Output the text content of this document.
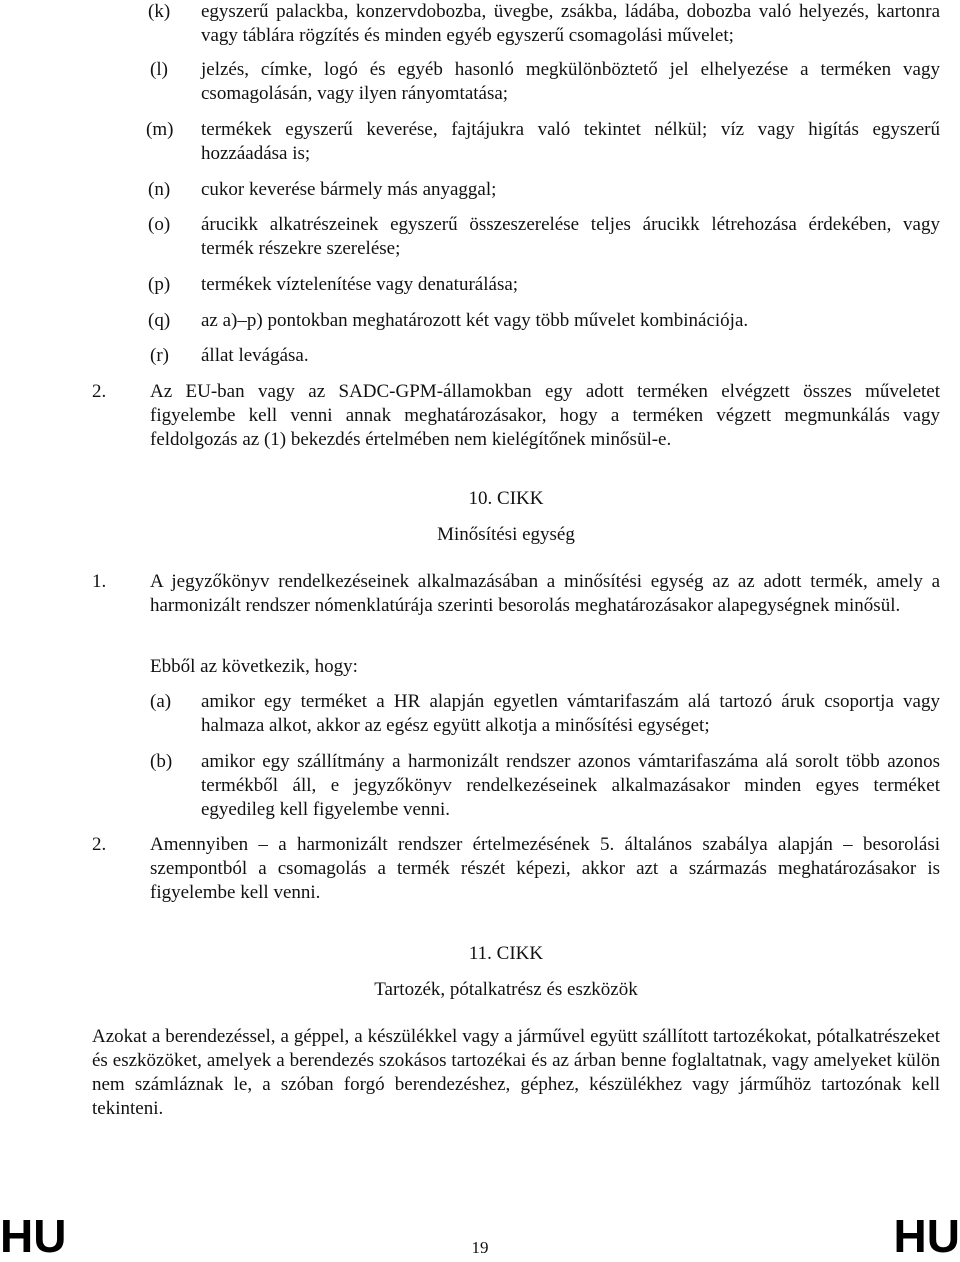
(k) egyszerű palackba, konzervdobozba, üvegbe, zsákba, ládába, dobozba való helyezés, kartonra vagy táblára rögzítés és minden egyéb egyszerű csomagolási művelet;
(l) jelzés, címke, logó és egyéb hasonló megkülönböztető jel elhelyezése a terméken vagy csomagolásán, vagy ilyen rányomtatása;
(m) termékek egyszerű keverése, fajtájukra való tekintet nélkül; víz vagy higítás egyszerű hozzáadása is;
(n) cukor keverése bármely más anyaggal;
(o) árucikk alkatrészeinek egyszerű összeszerelése teljes árucikk létrehozása érdekében, vagy termék részekre szerelése;
(p) termékek víztelenítése vagy denaturálása;
(q) az a)–p) pontokban meghatározott két vagy több művelet kombinációja.
(r) állat levágása.
2. Az EU-ban vagy az SADC-GPM-államokban egy adott terméken elvégzett összes műveletet figyelembe kell venni annak meghatározásakor, hogy a terméken végzett megmunkálás vagy feldolgozás az (1) bekezdés értelmében nem kielégítőnek minősül-e.
10. CIKK
Minősítési egység
1. A jegyzőkönyv rendelkezéseinek alkalmazásában a minősítési egység az az adott termék, amely a harmonizált rendszer nómenklatúrája szerinti besorolás meghatározásakor alapegységnek minősül.
Ebből az következik, hogy:
(a) amikor egy terméket a HR alapján egyetlen vámtarifaszám alá tartozó áruk csoportja vagy halmaza alkot, akkor az egész együtt alkotja a minősítési egységet;
(b) amikor egy szállítmány a harmonizált rendszer azonos vámtarifaszáma alá sorolt több azonos termékből áll, e jegyzőkönyv rendelkezéseinek alkalmazásakor minden egyes terméket egyedileg kell figyelembe venni.
2. Amennyiben – a harmonizált rendszer értelmezésének 5. általános szabálya alapján – besorolási szempontból a csomagolás a termék részét képezi, akkor azt a származás meghatározásakor is figyelembe kell venni.
11. CIKK
Tartozék, pótalkatrész és eszközök
Azokat a berendezéssel, a géppel, a készülékkel vagy a járművel együtt szállított tartozékokat, pótalkatrészeket és eszközöket, amelyek a berendezés szokásos tartozékai és az árban benne foglaltatnak, vagy amelyeket külön nem számláznak le, a szóban forgó berendezéshez, géphez, készülékhez vagy járműhöz tartozónak kell tekinteni.
HU	19	HU
